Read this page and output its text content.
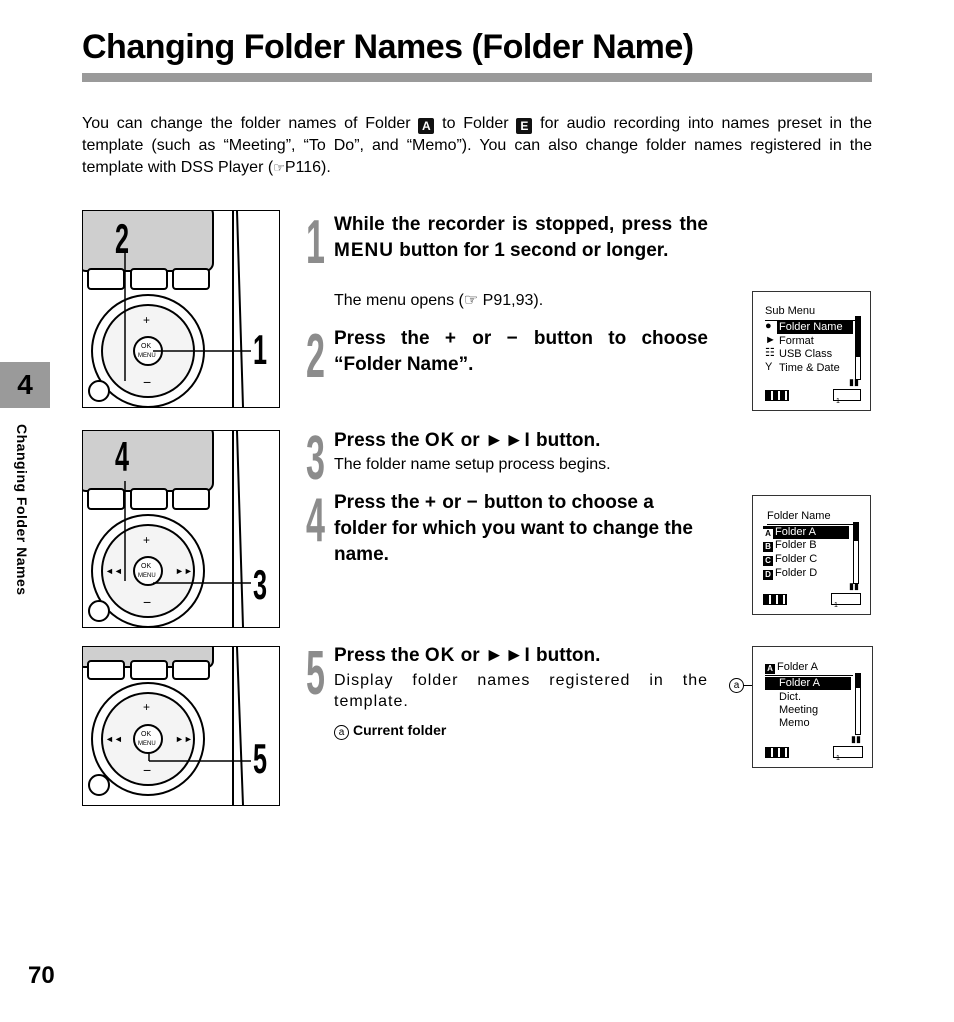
Changing Folder Names (Folder Name)
You can change the folder names of Folder A to Folder E for audio recording into names preset in the template (such as “Meeting”, “To Do”, and “Memo”). You can also change folder names registered in the template with DSS Player (☞P116).
4
Changing Folder Names
OK
MENU
+
−
2
1
OK
MENU
+
−
◄◄	►►
4
3
OK
MENU
+
−
◄◄	►► 5
1 While the recorder is stopped, press the MENU button for 1 second or longer.
The menu opens (☞ P91,93).
2 Press the + or − button to choose “Folder Name”.
3 Press the OK or ►►I button.
The folder name setup process begins.
4 Press the + or − button to choose a folder for which you want to change the name.
5 Press the OK or ►►I button.
Display folder names registered in the template.
a Current folder
Sub Menu
●
►
☷
Y
Folder Name
Format
USB Class
Time & Date
▮▮
1
Folder Name
A Folder A
B Folder B
C Folder C
D Folder D
▮▮
1
a
A Folder A
Folder A
Dict.
Meeting
Memo
▮▮
1
70
